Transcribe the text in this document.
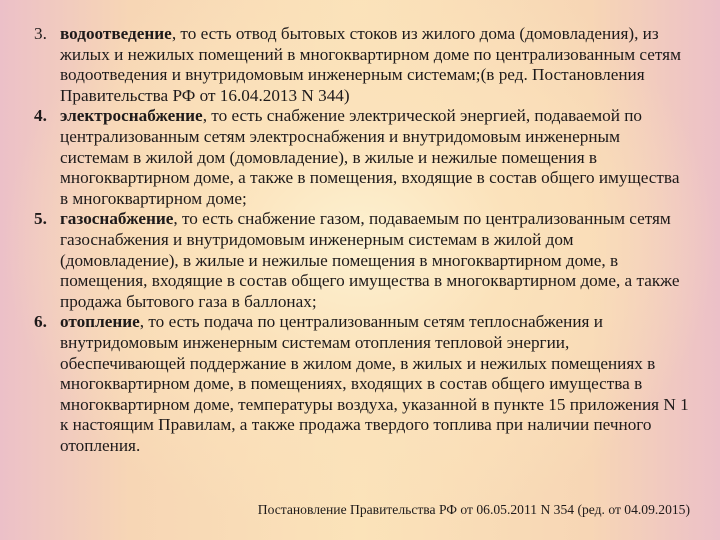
3. водоотведение, то есть отвод бытовых стоков из жилого дома (домовладения), из жилых и нежилых помещений в многоквартирном доме по централизованным сетям водоотведения и внутридомовым инженерным системам;(в ред. Постановления Правительства РФ от 16.04.2013 N 344)
4. электроснабжение, то есть снабжение электрической энергией, подаваемой по централизованным сетям электроснабжения и внутридомовым инженерным системам в жилой дом (домовладение), в жилые и нежилые помещения в многоквартирном доме, а также в помещения, входящие в состав общего имущества в многоквартирном доме;
5. газоснабжение, то есть снабжение газом, подаваемым по централизованным сетям газоснабжения и внутридомовым инженерным системам в жилой дом (домовладение), в жилые и нежилые помещения в многоквартирном доме, в помещения, входящие в состав общего имущества в многоквартирном доме, а также продажа бытового газа в баллонах;
6. отопление, то есть подача по централизованным сетям теплоснабжения и внутридомовым инженерным системам отопления тепловой энергии, обеспечивающей поддержание в жилом доме, в жилых и нежилых помещениях в многоквартирном доме, в помещениях, входящих в состав общего имущества в многоквартирном доме, температуры воздуха, указанной в пункте 15 приложения N 1 к настоящим Правилам, а также продажа твердого топлива при наличии печного отопления.
Постановление Правительства РФ от 06.05.2011 N 354 (ред. от 04.09.2015)
